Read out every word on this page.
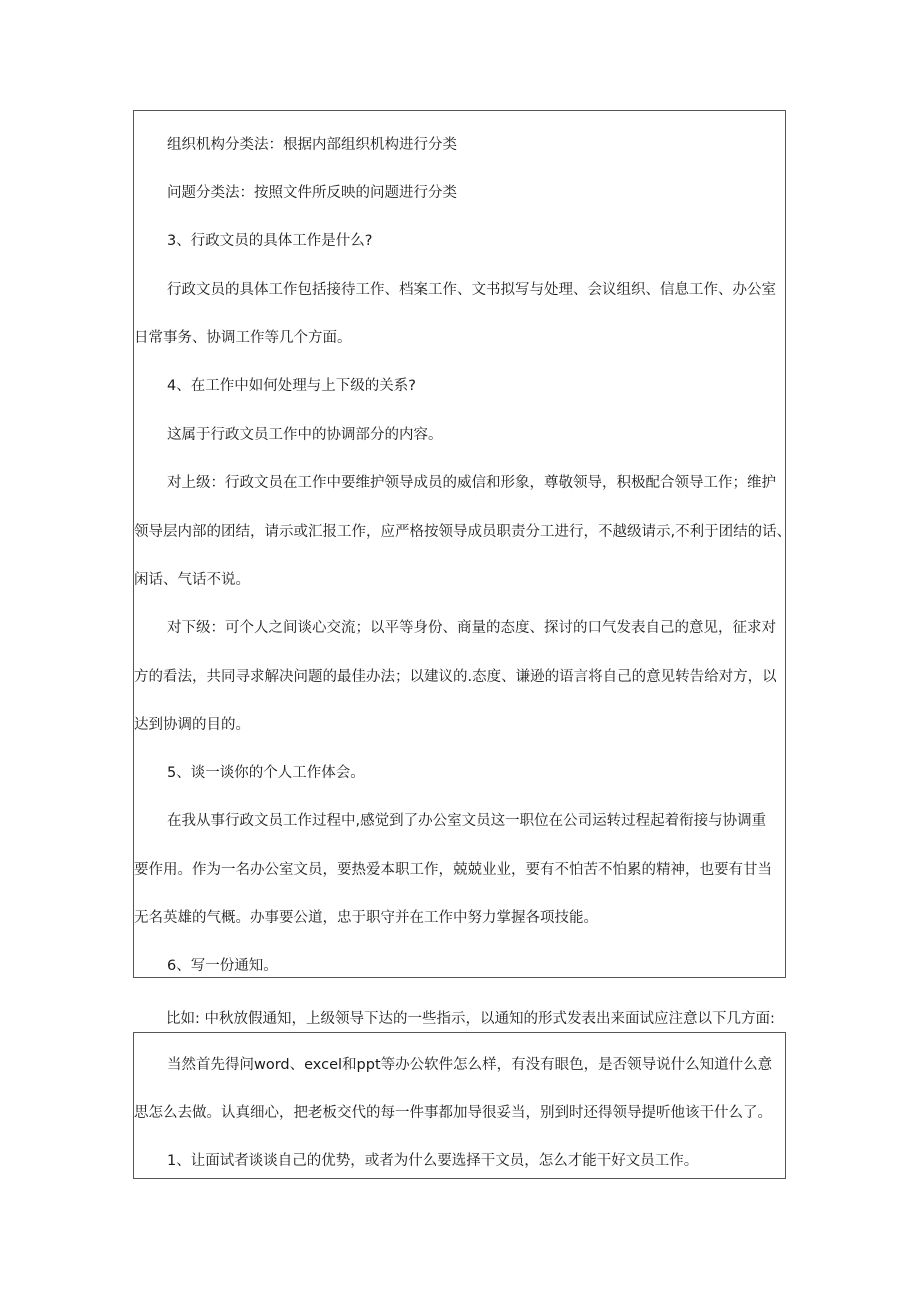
组织机构分类法：根据内部组织机构进行分类
问题分类法：按照文件所反映的问题进行分类
3、行政文员的具体工作是什么?
行政文员的具体工作包括接待工作、档案工作、文书拟写与处理、会议组织、信息工作、办公室
日常事务、协调工作等几个方面。
4、在工作中如何处理与上下级的关系?
这属于行政文员工作中的协调部分的内容。
对上级：行政文员在工作中要维护领导成员的威信和形象，尊敬领导，积极配合领导工作；维护
领导层内部的团结，请示或汇报工作，应严格按领导成员职责分工进行，不越级请示,不利于团结的话、
闲话、气话不说。
对下级：可个人之间谈心交流；以平等身份、商量的态度、探讨的口气发表自己的意见，征求对
方的看法，共同寻求解决问题的最佳办法；以建议的.态度、谦逊的语言将自己的意见转告给对方，以
达到协调的目的。
5、谈一谈你的个人工作体会。
在我从事行政文员工作过程中,感觉到了办公室文员这一职位在公司运转过程起着衔接与协调重
要作用。作为一名办公室文员，要热爱本职工作，兢兢业业，要有不怕苦不怕累的精神，也要有甘当
无名英雄的气概。办事要公道，忠于职守并在工作中努力掌握各项技能。
6、写一份通知。
比如: 中秋放假通知，上级领导下达的一些指示，以通知的形式发表出来面试应注意以下几方面:
当然首先得问word、excel和ppt等办公软件怎么样，有没有眼色，是否领导说什么知道什么意
思怎么去做。认真细心，把老板交代的每一件事都加导很妥当，别到时还得领导提听他该干什么了。
1、让面试者谈谈自己的优势，或者为什么要选择干文员，怎么才能干好文员工作。
